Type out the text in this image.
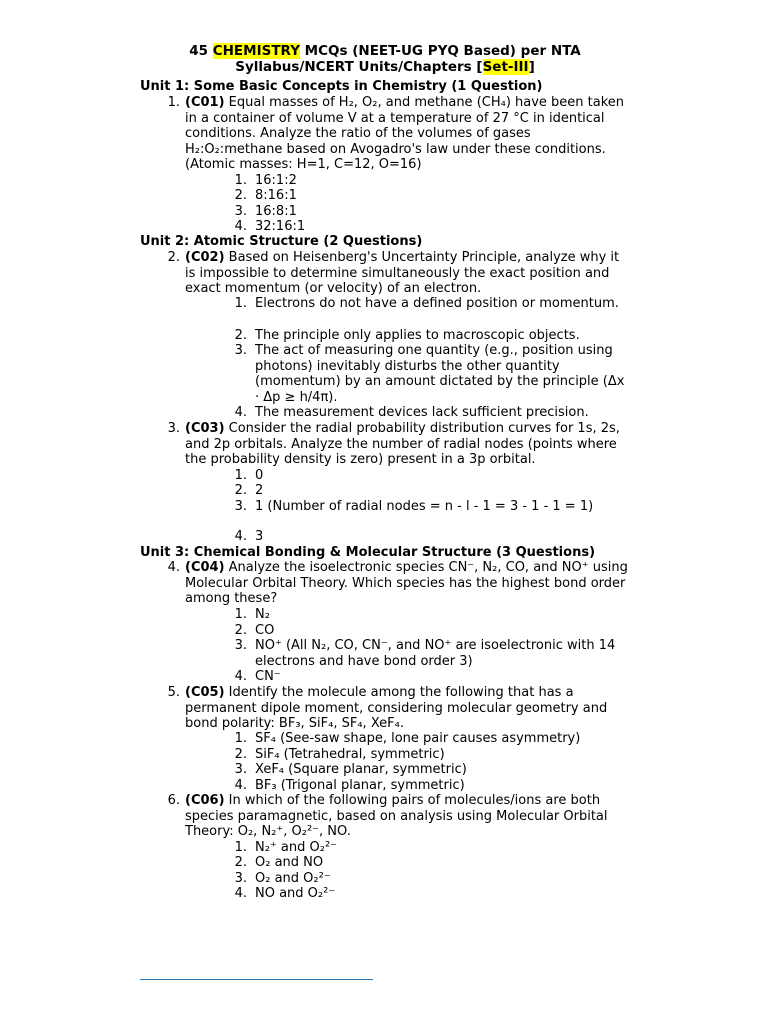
45 CHEMISTRY MCQs (NEET-UG PYQ Based) per NTA Syllabus/NCERT Units/Chapters [Set-III]
Unit 1: Some Basic Concepts in Chemistry (1 Question)
1. (C01) Equal masses of H₂, O₂, and methane (CH₄) have been taken in a container of volume V at a temperature of 27 °C in identical conditions. Analyze the ratio of the volumes of gases H₂:O₂:methane based on Avogadro's law under these conditions. (Atomic masses: H=1, C=12, O=16)
1. 16:1:2
2. 8:16:1
3. 16:8:1
4. 32:16:1
Unit 2: Atomic Structure (2 Questions)
2. (C02) Based on Heisenberg's Uncertainty Principle, analyze why it is impossible to determine simultaneously the exact position and exact momentum (or velocity) of an electron.
1. Electrons do not have a defined position or momentum.
2. The principle only applies to macroscopic objects.
3. The act of measuring one quantity (e.g., position using photons) inevitably disturbs the other quantity (momentum) by an amount dictated by the principle (Δx · Δp ≥ h/4π).
4. The measurement devices lack sufficient precision.
3. (C03) Consider the radial probability distribution curves for 1s, 2s, and 2p orbitals. Analyze the number of radial nodes (points where the probability density is zero) present in a 3p orbital.
1. 0
2. 2
3. 1 (Number of radial nodes = n - l - 1 = 3 - 1 - 1 = 1)
4. 3
Unit 3: Chemical Bonding & Molecular Structure (3 Questions)
4. (C04) Analyze the isoelectronic species CN⁻, N₂, CO, and NO⁺ using Molecular Orbital Theory. Which species has the highest bond order among these?
1. N₂
2. CO
3. NO⁺ (All N₂, CO, CN⁻, and NO⁺ are isoelectronic with 14 electrons and have bond order 3)
4. CN⁻
5. (C05) Identify the molecule among the following that has a permanent dipole moment, considering molecular geometry and bond polarity: BF₃, SiF₄, SF₄, XeF₄.
1. SF₄ (See-saw shape, lone pair causes asymmetry)
2. SiF₄ (Tetrahedral, symmetric)
3. XeF₄ (Square planar, symmetric)
4. BF₃ (Trigonal planar, symmetric)
6. (C06) In which of the following pairs of molecules/ions are both species paramagnetic, based on analysis using Molecular Orbital Theory: O₂, N₂⁺, O₂²⁻, NO.
1. N₂⁺ and O₂²⁻
2. O₂ and NO
3. O₂ and O₂²⁻
4. NO and O₂²⁻
